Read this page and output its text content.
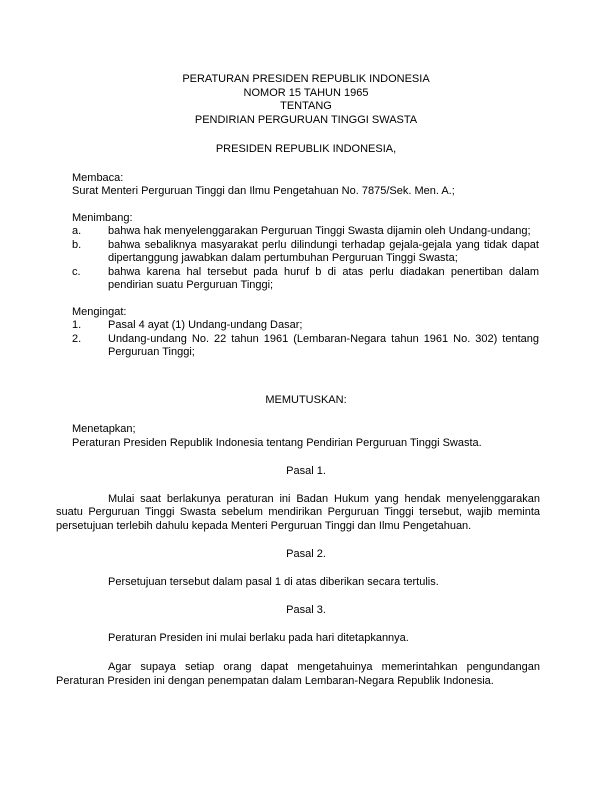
PERATURAN PRESIDEN REPUBLIK INDONESIA
NOMOR 15 TAHUN 1965
TENTANG
PENDIRIAN PERGURUAN TINGGI SWASTA
PRESIDEN REPUBLIK INDONESIA,
Membaca:
Surat Menteri Perguruan Tinggi dan Ilmu Pengetahuan No. 7875/Sek. Men. A.;
Menimbang:
a.	bahwa hak menyelenggarakan Perguruan Tinggi Swasta dijamin oleh Undang-undang;
b.	bahwa sebaliknya masyarakat perlu dilindungi terhadap gejala-gejala yang tidak dapat dipertanggung jawabkan dalam pertumbuhan Perguruan Tinggi Swasta;
c.	bahwa karena hal tersebut pada huruf b di atas perlu diadakan penertiban dalam pendirian suatu Perguruan Tinggi;
Mengingat:
1.	Pasal 4 ayat (1) Undang-undang Dasar;
2.	Undang-undang No. 22 tahun 1961 (Lembaran-Negara tahun 1961 No. 302) tentang Perguruan Tinggi;
MEMUTUSKAN:
Menetapkan;
Peraturan Presiden Republik Indonesia tentang Pendirian Perguruan Tinggi Swasta.
Pasal 1.
Mulai saat berlakunya peraturan ini Badan Hukum yang hendak menyelenggarakan suatu Perguruan Tinggi Swasta sebelum mendirikan Perguruan Tinggi tersebut, wajib meminta persetujuan terlebih dahulu kepada Menteri Perguruan Tinggi dan Ilmu Pengetahuan.
Pasal 2.
Persetujuan tersebut dalam pasal 1 di atas diberikan secara tertulis.
Pasal 3.
Peraturan Presiden ini mulai berlaku pada hari ditetapkannya.
Agar supaya setiap orang dapat mengetahuinya memerintahkan pengundangan Peraturan Presiden ini dengan penempatan dalam Lembaran-Negara Republik Indonesia.
